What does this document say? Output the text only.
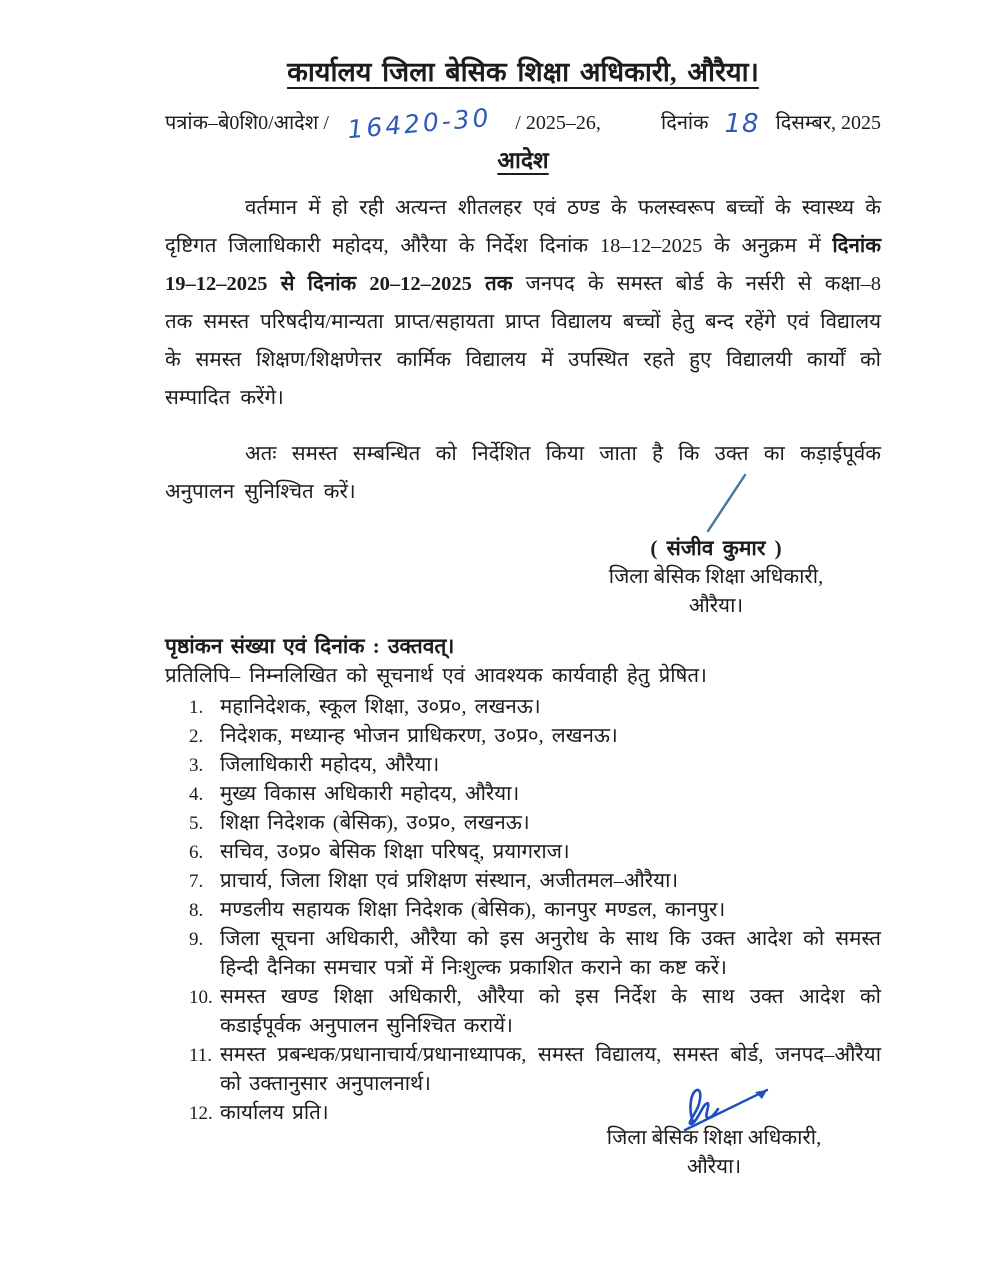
कार्यालय जिला बेसिक शिक्षा अधिकारी, औरैया।
पत्रांक–बे0शि0/आदेश / 16420-30 / 2025–26,	दिनांक 18 दिसम्बर, 2025
आदेश

वर्तमान में हो रही अत्यन्त शीतलहर एवं ठण्ड के फलस्वरूप बच्चों के स्वास्थ्य के दृष्टिगत जिलाधिकारी महोदय, औरैया के निर्देश दिनांक 18–12–2025 के अनुक्रम में दिनांक 19–12–2025 से दिनांक 20–12–2025 तक जनपद के समस्त बोर्ड के नर्सरी से कक्षा–8 तक समस्त परिषदीय/मान्यता प्राप्त/सहायता प्राप्त विद्यालय बच्चों हेतु बन्द रहेंगे एवं विद्यालय के समस्त शिक्षण/शिक्षणेत्तर कार्मिक विद्यालय में उपस्थित रहते हुए विद्यालयी कार्यों को सम्पादित करेंगे।

अतः समस्त सम्बन्धित को निर्देशित किया जाता है कि उक्त का कड़ाईपूर्वक अनुपालन सुनिश्चित करें।

( संजीव कुमार )
जिला बेसिक शिक्षा अधिकारी,
औरैया।
पृष्ठांकन संख्या एवं दिनांक : उक्तवत्।
प्रतिलिपि– निम्नलिखित को सूचनार्थ एवं आवश्यक कार्यवाही हेतु प्रेषित।
1. महानिदेशक, स्कूल शिक्षा, उ०प्र०, लखनऊ।
2. निदेशक, मध्यान्ह भोजन प्राधिकरण, उ०प्र०, लखनऊ।
3. जिलाधिकारी महोदय, औरैया।
4. मुख्य विकास अधिकारी महोदय, औरैया।
5. शिक्षा निदेशक (बेसिक), उ०प्र०, लखनऊ।
6. सचिव, उ०प्र० बेसिक शिक्षा परिषद्, प्रयागराज।
7. प्राचार्य, जिला शिक्षा एवं प्रशिक्षण संस्थान, अजीतमल–औरैया।
8. मण्डलीय सहायक शिक्षा निदेशक (बेसिक), कानपुर मण्डल, कानपुर।
9. जिला सूचना अधिकारी, औरैया को इस अनुरोध के साथ कि उक्त आदेश को समस्त हिन्दी दैनिका समचार पत्रों में निःशुल्क प्रकाशित कराने का कष्ट करें।
10. समस्त खण्ड शिक्षा अधिकारी, औरैया को इस निर्देश के साथ उक्त आदेश को कडाईपूर्वक अनुपालन सुनिश्चित करायें।
11. समस्त प्रबन्धक/प्रधानाचार्य/प्रधानाध्यापक, समस्त विद्यालय, समस्त बोर्ड, जनपद–औरैया को उक्तानुसार अनुपालनार्थ।
12. कार्यालय प्रति।
जिला बेसिक शिक्षा अधिकारी,
औरैया।
